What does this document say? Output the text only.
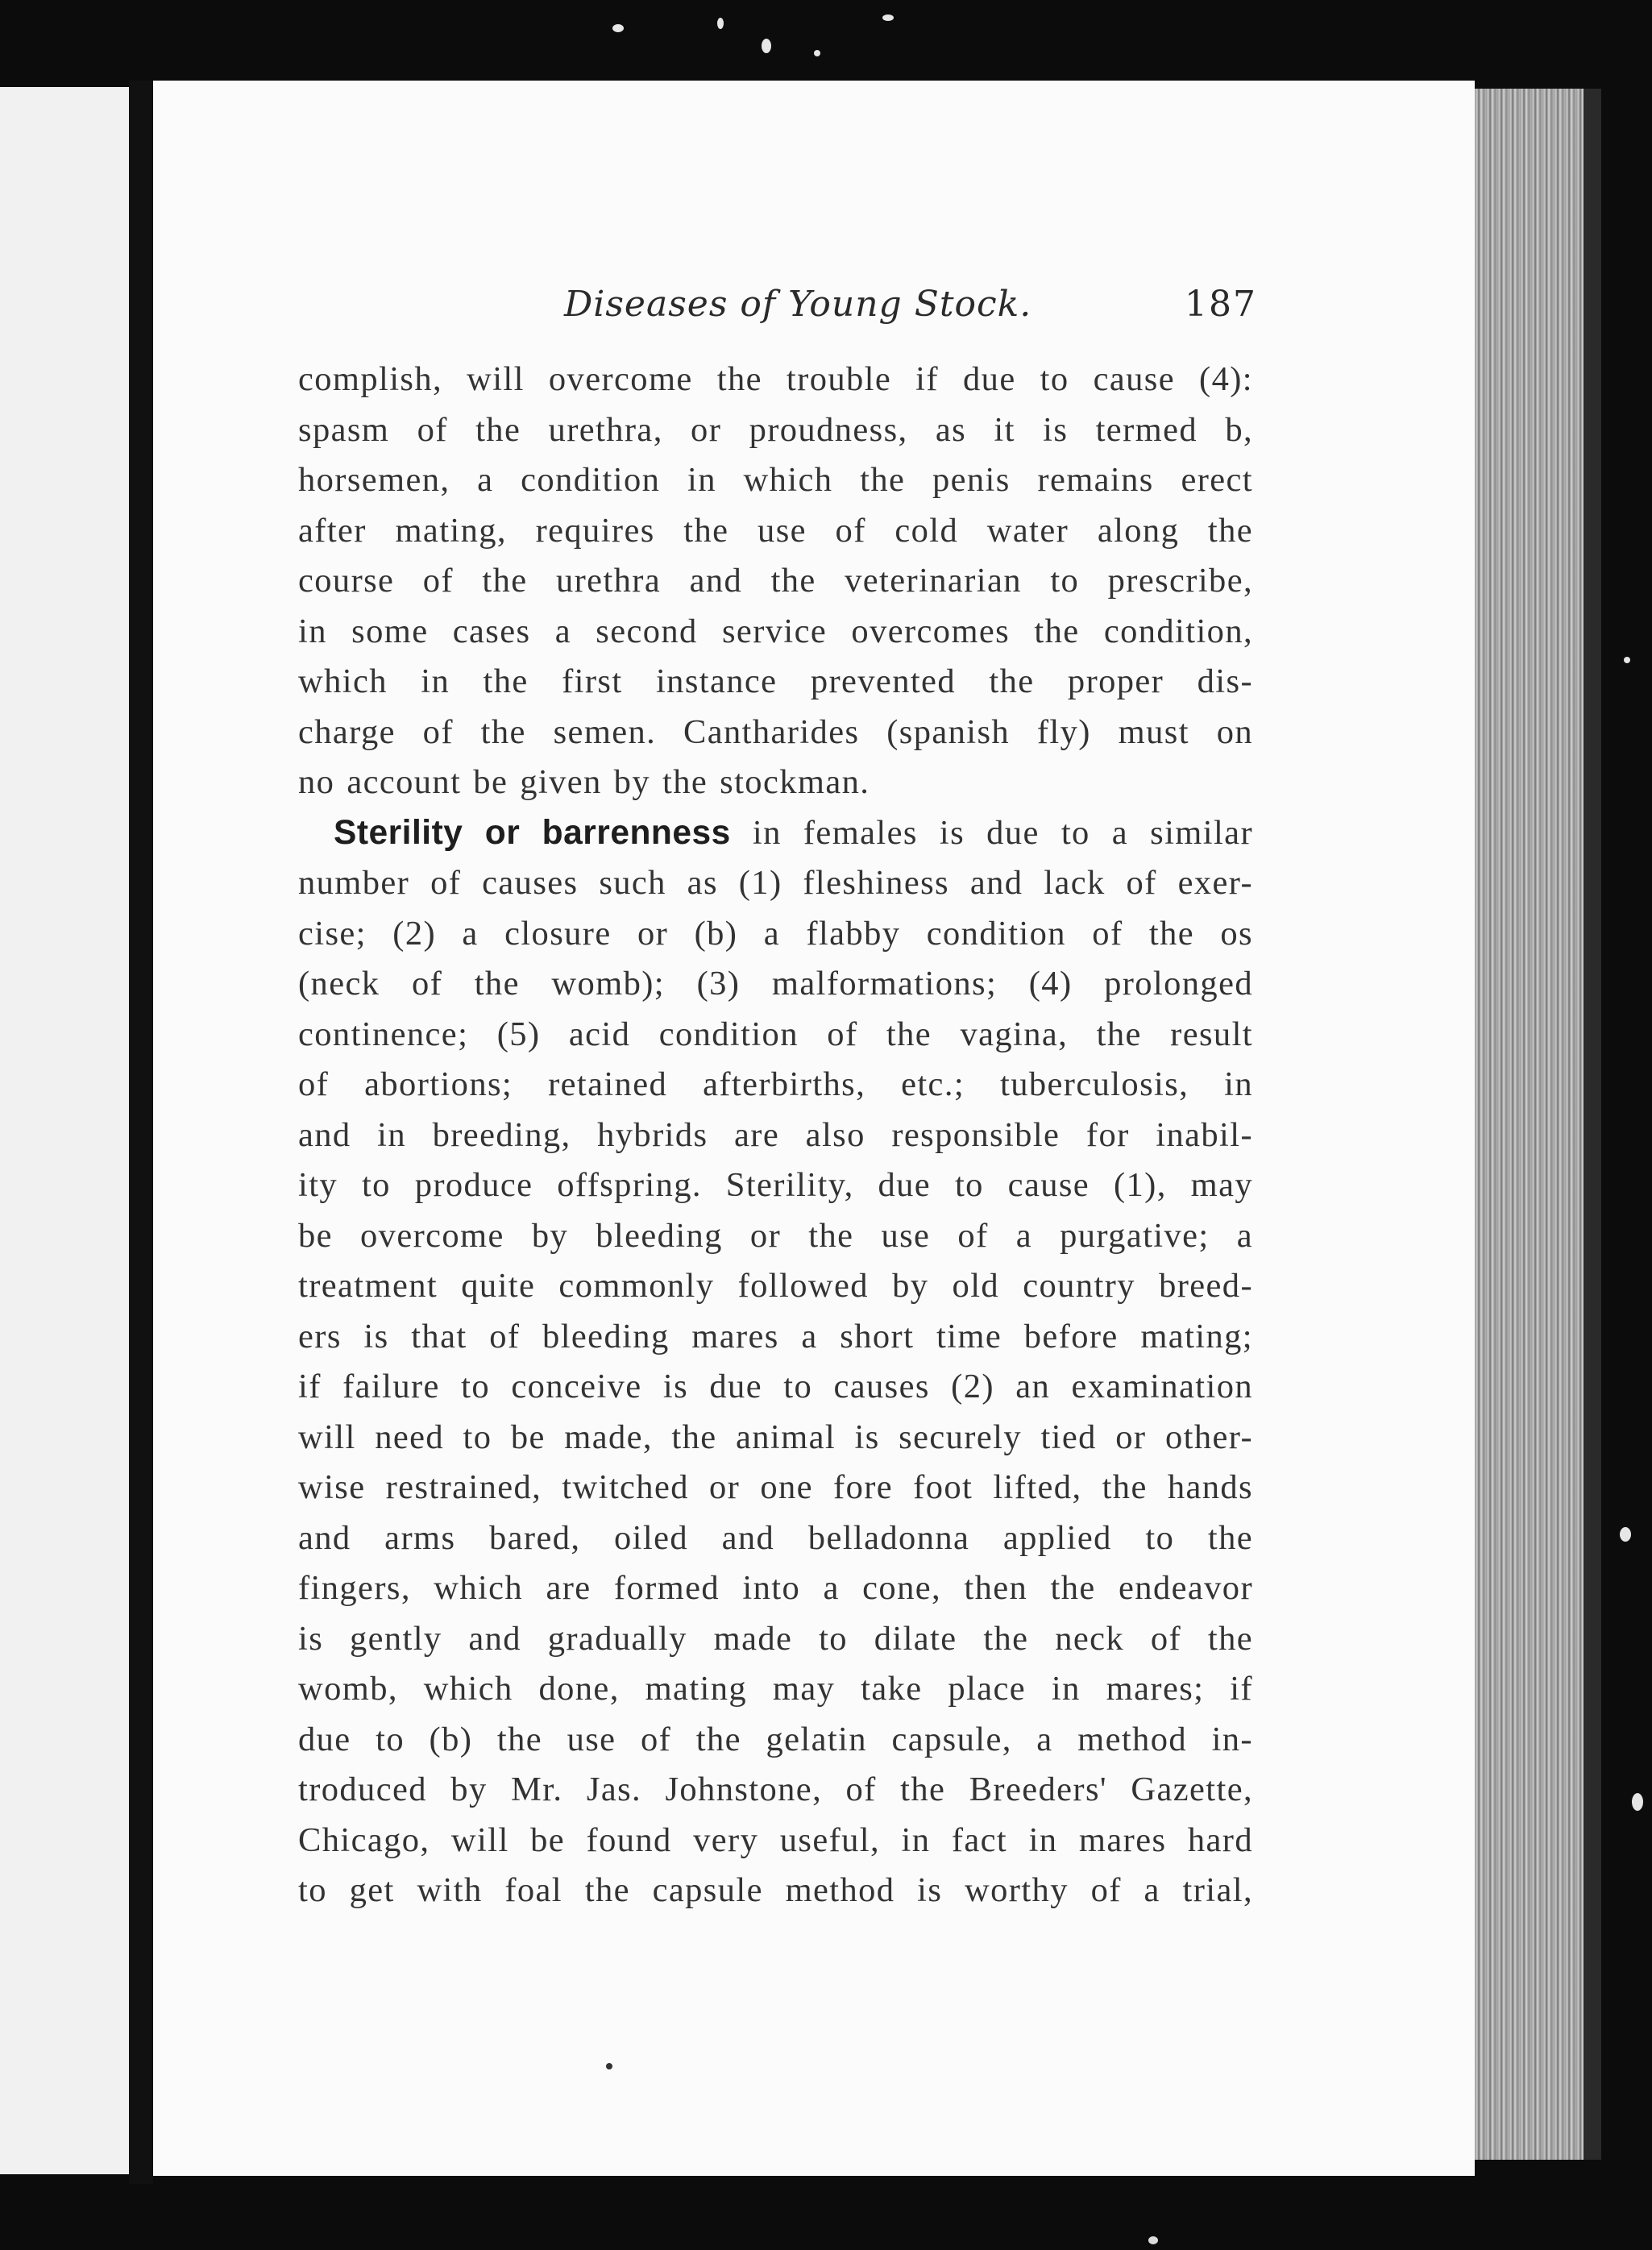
Diseases of Young Stock.	187
complish, will overcome the trouble if due to cause (4):
spasm of the urethra, or proudness, as it is termed b,
horsemen, a condition in which the penis remains erect
after mating, requires the use of cold water along the
course of the urethra and the veterinarian to prescribe,
in some cases a second service overcomes the condition,
which in the first instance prevented the proper dis-
charge of the semen. Cantharides (spanish fly) must on
no account be given by the stockman.
Sterility or barrenness in females is due to a similar
number of causes such as (1) fleshiness and lack of exer-
cise; (2) a closure or (b) a flabby condition of the os
(neck of the womb); (3) malformations; (4) prolonged
continence; (5) acid condition of the vagina, the result
of abortions; retained afterbirths, etc.; tuberculosis, in
and in breeding, hybrids are also responsible for inabil-
ity to produce offspring. Sterility, due to cause (1), may
be overcome by bleeding or the use of a purgative; a
treatment quite commonly followed by old country breed-
ers is that of bleeding mares a short time before mating;
if failure to conceive is due to causes (2) an examination
will need to be made, the animal is securely tied or other-
wise restrained, twitched or one fore foot lifted, the hands
and arms bared, oiled and belladonna applied to the
fingers, which are formed into a cone, then the endeavor
is gently and gradually made to dilate the neck of the
womb, which done, mating may take place in mares; if
due to (b) the use of the gelatin capsule, a method in-
troduced by Mr. Jas. Johnstone, of the Breeders' Gazette,
Chicago, will be found very useful, in fact in mares hard
to get with foal the capsule method is worthy of a trial,
